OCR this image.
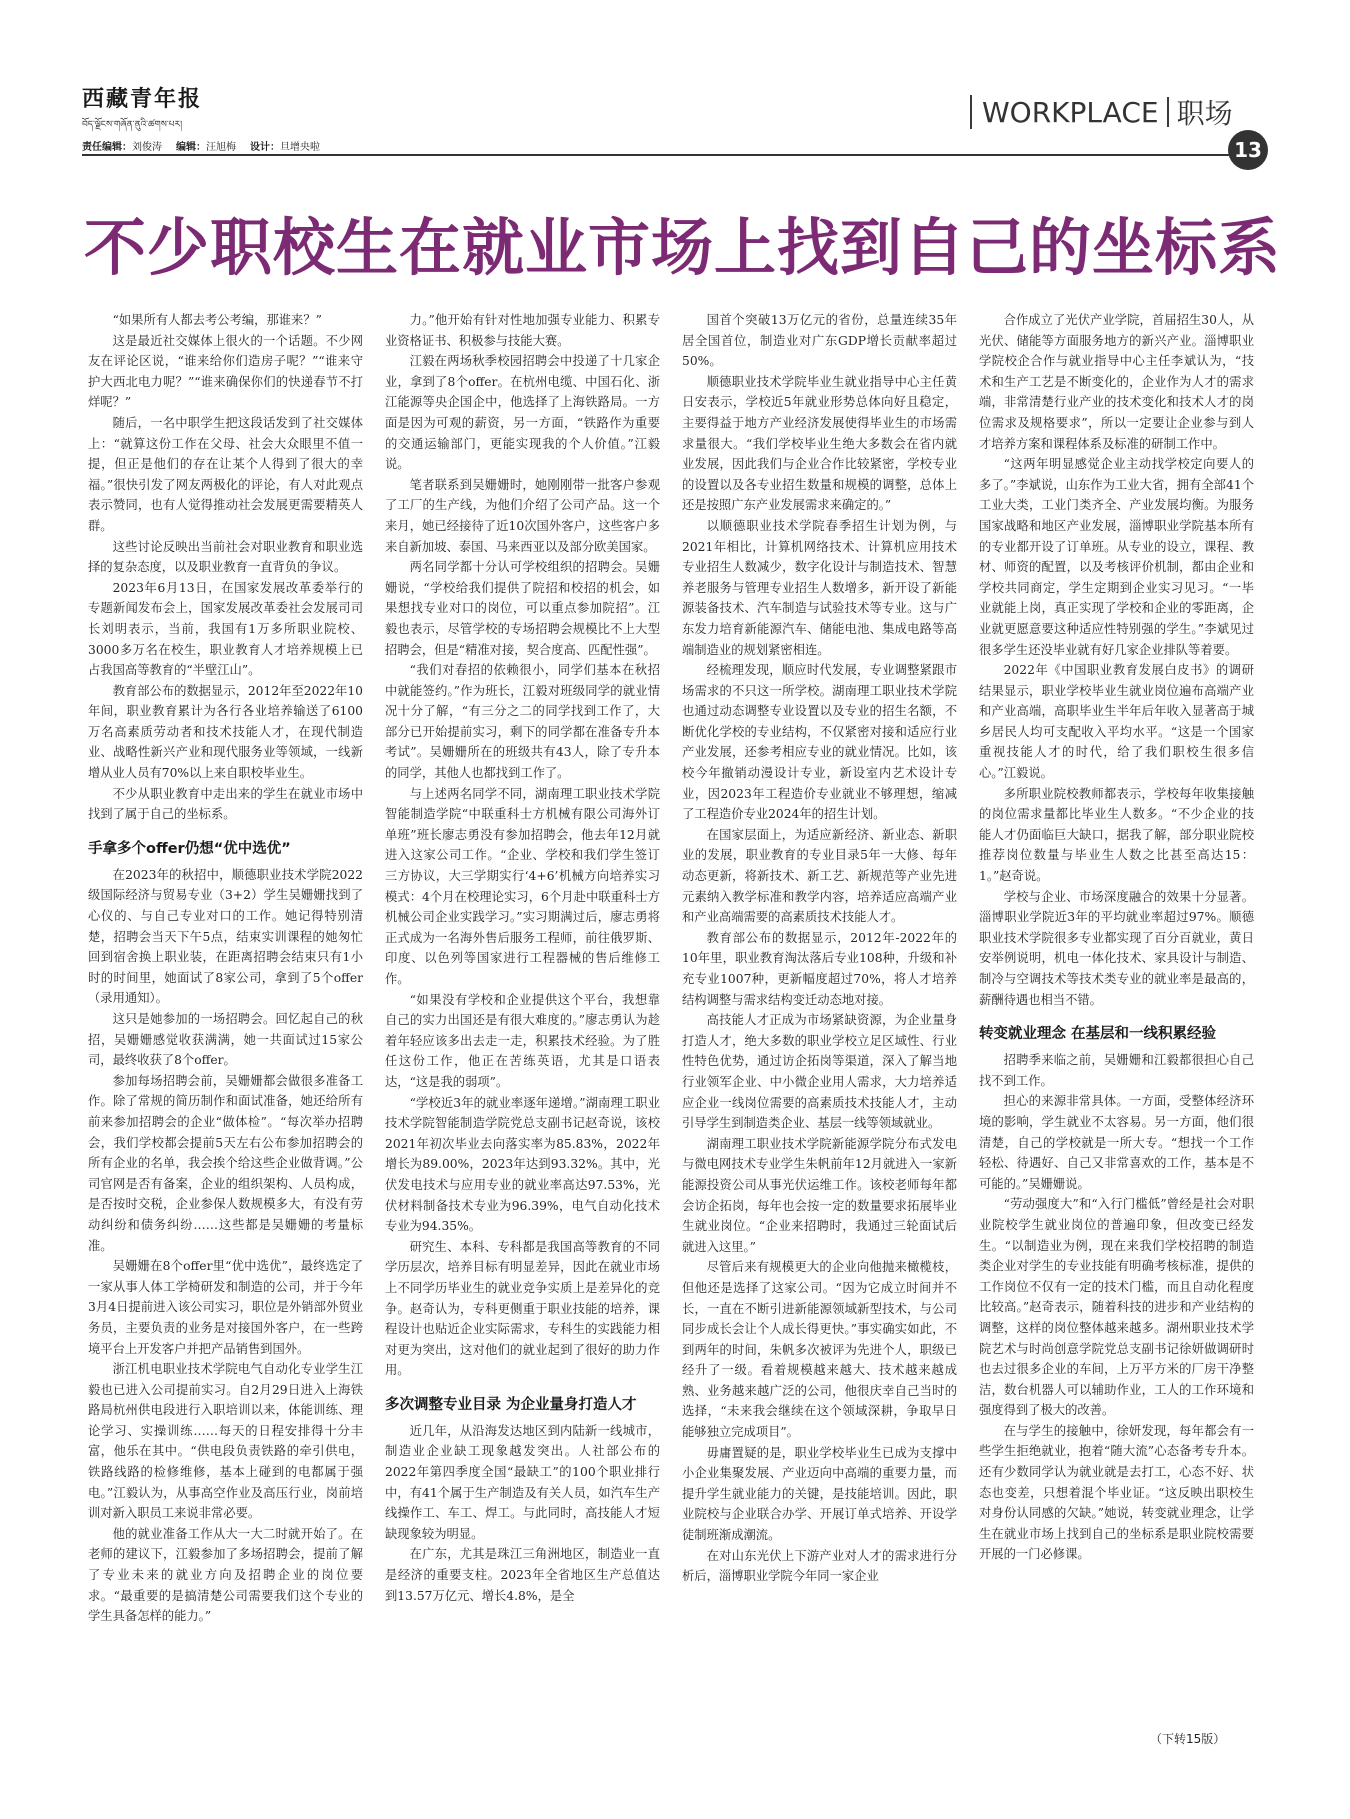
西藏青年报
བོད་ལྗོངས་གཞོན་ནུའི་ཚགས་པར།	WORKPLACE 职场
责任编辑：刘俊涛 编辑：汪旭梅 设计：旦增央啦	13
不少职校生在就业市场上找到自己的坐标系

“如果所有人都去考公考编，那谁来？”

这是最近社交媒体上很火的一个话题。不少网友在评论区说，“谁来给你们造房子呢？”“谁来守护大西北电力呢？”“谁来确保你们的快递春节不打烊呢？”

随后，一名中职学生把这段话发到了社交媒体上：“就算这份工作在父母、社会大众眼里不值一提，但正是他们的存在让某个人得到了很大的幸福。”很快引发了网友两极化的评论，有人对此观点表示赞同，也有人觉得推动社会发展更需要精英人群。

这些讨论反映出当前社会对职业教育和职业选择的复杂态度，以及职业教育一直背负的争议。

2023年6月13日，在国家发展改革委举行的专题新闻发布会上，国家发展改革委社会发展司司长刘明表示，当前，我国有1万多所职业院校、3000多万名在校生，职业教育人才培养规模上已占我国高等教育的“半壁江山”。

教育部公布的数据显示，2012年至2022年10年间，职业教育累计为各行各业培养输送了6100万名高素质劳动者和技术技能人才，在现代制造业、战略性新兴产业和现代服务业等领域，一线新增从业人员有70%以上来自职校毕业生。

不少从职业教育中走出来的学生在就业市场中找到了属于自己的坐标系。

手拿多个offer仍想“优中选优”

在2023年的秋招中，顺德职业技术学院2022级国际经济与贸易专业（3+2）学生吴姗姗找到了心仪的、与自己专业对口的工作。她记得特别清楚，招聘会当天下午5点，结束实训课程的她匆忙回到宿舍换上职业装，在距离招聘会结束只有1小时的时间里，她面试了8家公司，拿到了5个offer（录用通知）。

这只是她参加的一场招聘会。回忆起自己的秋招，吴姗姗感觉收获满满，她一共面试过15家公司，最终收获了8个offer。

参加每场招聘会前，吴姗姗都会做很多准备工作。除了常规的简历制作和面试准备，她还给所有前来参加招聘会的企业“做体检”。“每次举办招聘会，我们学校都会提前5天左右公布参加招聘会的所有企业的名单，我会挨个给这些企业做背调。”公司官网是否有备案，企业的组织架构、人员构成，是否按时交税，企业参保人数规模多大，有没有劳动纠纷和债务纠纷……这些都是吴姗姗的考量标准。

吴姗姗在8个offer里“优中选优”，最终选定了一家从事人体工学椅研发和制造的公司，并于今年3月4日提前进入该公司实习，职位是外销部外贸业务员，主要负责的业务是对接国外客户，在一些跨境平台上开发客户并把产品销售到国外。

浙江机电职业技术学院电气自动化专业学生江毅也已进入公司提前实习。自2月29日进入上海铁路局杭州供电段进行入职培训以来，体能训练、理论学习、实操训练……每天的日程安排得十分丰富，他乐在其中。“供电段负责铁路的牵引供电，铁路线路的检修维修，基本上碰到的电都属于强电。”江毅认为，从事高空作业及高压行业，岗前培训对新入职员工来说非常必要。

他的就业准备工作从大一大二时就开始了。在老师的建议下，江毅参加了多场招聘会，提前了解了专业未来的就业方向及招聘企业的岗位要求。“最重要的是搞清楚公司需要我们这个专业的学生具备怎样的能力。”

力。”他开始有针对性地加强专业能力、积累专业资格证书、积极参与技能大赛。

江毅在两场秋季校园招聘会中投递了十几家企业，拿到了8个offer。在杭州电缆、中国石化、浙江能源等央企国企中，他选择了上海铁路局。一方面是因为可观的薪资，另一方面，“铁路作为重要的交通运输部门，更能实现我的个人价值。”江毅说。

笔者联系到吴姗姗时，她刚刚带一批客户参观了工厂的生产线，为他们介绍了公司产品。这一个来月，她已经接待了近10次国外客户，这些客户多来自新加坡、泰国、马来西亚以及部分欧美国家。

两名同学都十分认可学校组织的招聘会。吴姗姗说，“学校给我们提供了院招和校招的机会，如果想找专业对口的岗位，可以重点参加院招”。江毅也表示，尽管学校的专场招聘会规模比不上大型招聘会，但是“精准对接，契合度高、匹配性强”。

“我们对春招的依赖很小，同学们基本在秋招中就能签约。”作为班长，江毅对班级同学的就业情况十分了解，“有三分之二的同学找到工作了，大部分已开始提前实习，剩下的同学都在准备专升本考试”。吴姗姗所在的班级共有43人，除了专升本的同学，其他人也都找到工作了。

与上述两名同学不同，湖南理工职业技术学院智能制造学院“中联重科士方机械有限公司海外订单班”班长廖志勇没有参加招聘会，他去年12月就进入这家公司工作。“企业、学校和我们学生签订三方协议，大三学期实行‘4+6’机械方向培养实习模式：4个月在校理论实习，6个月赴中联重科士方机械公司企业实践学习。”实习期满过后，廖志勇将正式成为一名海外售后服务工程师，前往俄罗斯、印度、以色列等国家进行工程器械的售后维修工作。

“如果没有学校和企业提供这个平台，我想靠自己的实力出国还是有很大难度的。”廖志勇认为趁着年轻应该多出去走一走，积累技术经验。为了胜任这份工作，他正在苦练英语，尤其是口语表达，“这是我的弱项”。

“学校近3年的就业率逐年递增。”湖南理工职业技术学院智能制造学院党总支副书记赵奇说，该校2021年初次毕业去向落实率为85.83%，2022年增长为89.00%，2023年达到93.32%。其中，光伏发电技术与应用专业的就业率高达97.53%，光伏材料制备技术专业为96.39%，电气自动化技术专业为94.35%。

研究生、本科、专科都是我国高等教育的不同学历层次，培养目标有明显差异，因此在就业市场上不同学历毕业生的就业竞争实质上是差异化的竞争。赵奇认为，专科更侧重于职业技能的培养，课程设计也贴近企业实际需求，专科生的实践能力相对更为突出，这对他们的就业起到了很好的助力作用。

多次调整专业目录 为企业量身打造人才

近几年，从沿海发达地区到内陆新一线城市，制造业企业缺工现象越发突出。人社部公布的2022年第四季度全国“最缺工”的100个职业排行中，有41个属于生产制造及有关人员，如汽车生产线操作工、车工、焊工。与此同时，高技能人才短缺现象较为明显。

在广东，尤其是珠江三角洲地区，制造业一直是经济的重要支柱。2023年全省地区生产总值达到13.57万亿元、增长4.8%，是全

国首个突破13万亿元的省份，总量连续35年居全国首位，制造业对广东GDP增长贡献率超过50%。

顺德职业技术学院毕业生就业指导中心主任黄日安表示，学校近5年就业形势总体向好且稳定，主要得益于地方产业经济发展使得毕业生的市场需求量很大。“我们学校毕业生绝大多数会在省内就业发展，因此我们与企业合作比较紧密，学校专业的设置以及各专业招生数量和规模的调整，总体上还是按照广东产业发展需求来确定的。”

以顺德职业技术学院春季招生计划为例，与2021年相比，计算机网络技术、计算机应用技术专业招生人数减少，数字化设计与制造技术、智慧养老服务与管理专业招生人数增多，新开设了新能源装备技术、汽车制造与试验技术等专业。这与广东发力培育新能源汽车、储能电池、集成电路等高端制造业的规划紧密相连。

经梳理发现，顺应时代发展，专业调整紧跟市场需求的不只这一所学校。湖南理工职业技术学院也通过动态调整专业设置以及专业的招生名额，不断优化学校的专业结构，不仅紧密对接和适应行业产业发展，还参考相应专业的就业情况。比如，该校今年撤销动漫设计专业，新设室内艺术设计专业，因2023年工程造价专业就业不够理想，缩减了工程造价专业2024年的招生计划。

在国家层面上，为适应新经济、新业态、新职业的发展，职业教育的专业目录5年一大修、每年动态更新，将新技术、新工艺、新规范等产业先进元素纳入教学标准和教学内容，培养适应高端产业和产业高端需要的高素质技术技能人才。

教育部公布的数据显示，2012年-2022年的10年里，职业教育淘汰落后专业108种，升级和补充专业1007种，更新幅度超过70%，将人才培养结构调整与需求结构变迁动态地对接。

高技能人才正成为市场紧缺资源，为企业量身打造人才，绝大多数的职业学校立足区域性、行业性特色优势，通过访企拓岗等渠道，深入了解当地行业领军企业、中小微企业用人需求，大力培养适应企业一线岗位需要的高素质技术技能人才，主动引导学生到制造类企业、基层一线等领域就业。

湖南理工职业技术学院新能源学院分布式发电与微电网技术专业学生朱帆前年12月就进入一家新能源投资公司从事光伏运维工作。该校老师每年都会访企拓岗，每年也会按一定的数量要求拓展毕业生就业岗位。“企业来招聘时，我通过三轮面试后就进入这里。”

尽管后来有规模更大的企业向他抛来橄榄枝，但他还是选择了这家公司。“因为它成立时间并不长，一直在不断引进新能源领域新型技术，与公司同步成长会让个人成长得更快。”事实确实如此，不到两年的时间，朱帆多次被评为先进个人，职级已经升了一级。看着规模越来越大、技术越来越成熟、业务越来越广泛的公司，他很庆幸自己当时的选择，“未来我会继续在这个领域深耕，争取早日能够独立完成项目”。

毋庸置疑的是，职业学校毕业生已成为支撑中小企业集聚发展、产业迈向中高端的重要力量，而提升学生就业能力的关键，是技能培训。因此，职业院校与企业联合办学、开展订单式培养、开设学徒制班渐成潮流。

在对山东光伏上下游产业对人才的需求进行分析后，淄博职业学院今年同一家企业

合作成立了光伏产业学院，首届招生30人，从光伏、储能等方面服务地方的新兴产业。淄博职业学院校企合作与就业指导中心主任李斌认为，“技术和生产工艺是不断变化的，企业作为人才的需求端，非常清楚行业产业的技术变化和技术人才的岗位需求及规格要求”，所以一定要让企业参与到人才培养方案和课程体系及标准的研制工作中。

“这两年明显感觉企业主动找学校定向要人的多了。”李斌说，山东作为工业大省，拥有全部41个工业大类，工业门类齐全、产业发展均衡。为服务国家战略和地区产业发展，淄博职业学院基本所有的专业都开设了订单班。从专业的设立，课程、教材、师资的配置，以及考核评价机制，都由企业和学校共同商定，学生定期到企业实习见习。“一毕业就能上岗，真正实现了学校和企业的零距离，企业就更愿意要这种适应性特别强的学生。”李斌见过很多学生还没毕业就有好几家企业排队等着要。

2022年《中国职业教育发展白皮书》的调研结果显示，职业学校毕业生就业岗位遍布高端产业和产业高端，高职毕业生半年后年收入显著高于城乡居民人均可支配收入平均水平。“这是一个国家重视技能人才的时代，给了我们职校生很多信心。”江毅说。

多所职业院校教师都表示，学校每年收集接触的岗位需求量都比毕业生人数多。“不少企业的技能人才仍面临巨大缺口，据我了解，部分职业院校推荐岗位数量与毕业生人数之比甚至高达15：1。”赵奇说。

学校与企业、市场深度融合的效果十分显著。淄博职业学院近3年的平均就业率超过97%。顺德职业技术学院很多专业都实现了百分百就业，黄日安举例说明，机电一体化技术、家具设计与制造、制冷与空调技术等技术类专业的就业率是最高的，薪酬待遇也相当不错。

转变就业理念 在基层和一线积累经验

招聘季来临之前，吴姗姗和江毅都很担心自己找不到工作。

担心的来源非常具体。一方面，受整体经济环境的影响，学生就业不太容易。另一方面，他们很清楚，自己的学校就是一所大专。“想找一个工作轻松、待遇好、自己又非常喜欢的工作，基本是不可能的。”吴姗姗说。

“劳动强度大”和“入行门槛低”曾经是社会对职业院校学生就业岗位的普遍印象，但改变已经发生。“以制造业为例，现在来我们学校招聘的制造类企业对学生的专业技能有明确考核标准，提供的工作岗位不仅有一定的技术门槛，而且自动化程度比较高。”赵奇表示，随着科技的进步和产业结构的调整，这样的岗位整体越来越多。湖州职业技术学院艺术与时尚创意学院党总支副书记徐妍做调研时也去过很多企业的车间，上万平方米的厂房干净整洁，数台机器人可以辅助作业，工人的工作环境和强度得到了极大的改善。

在与学生的接触中，徐妍发现，每年都会有一些学生拒绝就业，抱着“随大流”心态备考专升本。还有少数同学认为就业就是去打工，心态不好、状态也变差，只想着混个毕业证。“这反映出职校生对身份认同感的欠缺。”她说，转变就业理念，让学生在就业市场上找到自己的坐标系是职业院校需要开展的一门必修课。

（下转15版）
